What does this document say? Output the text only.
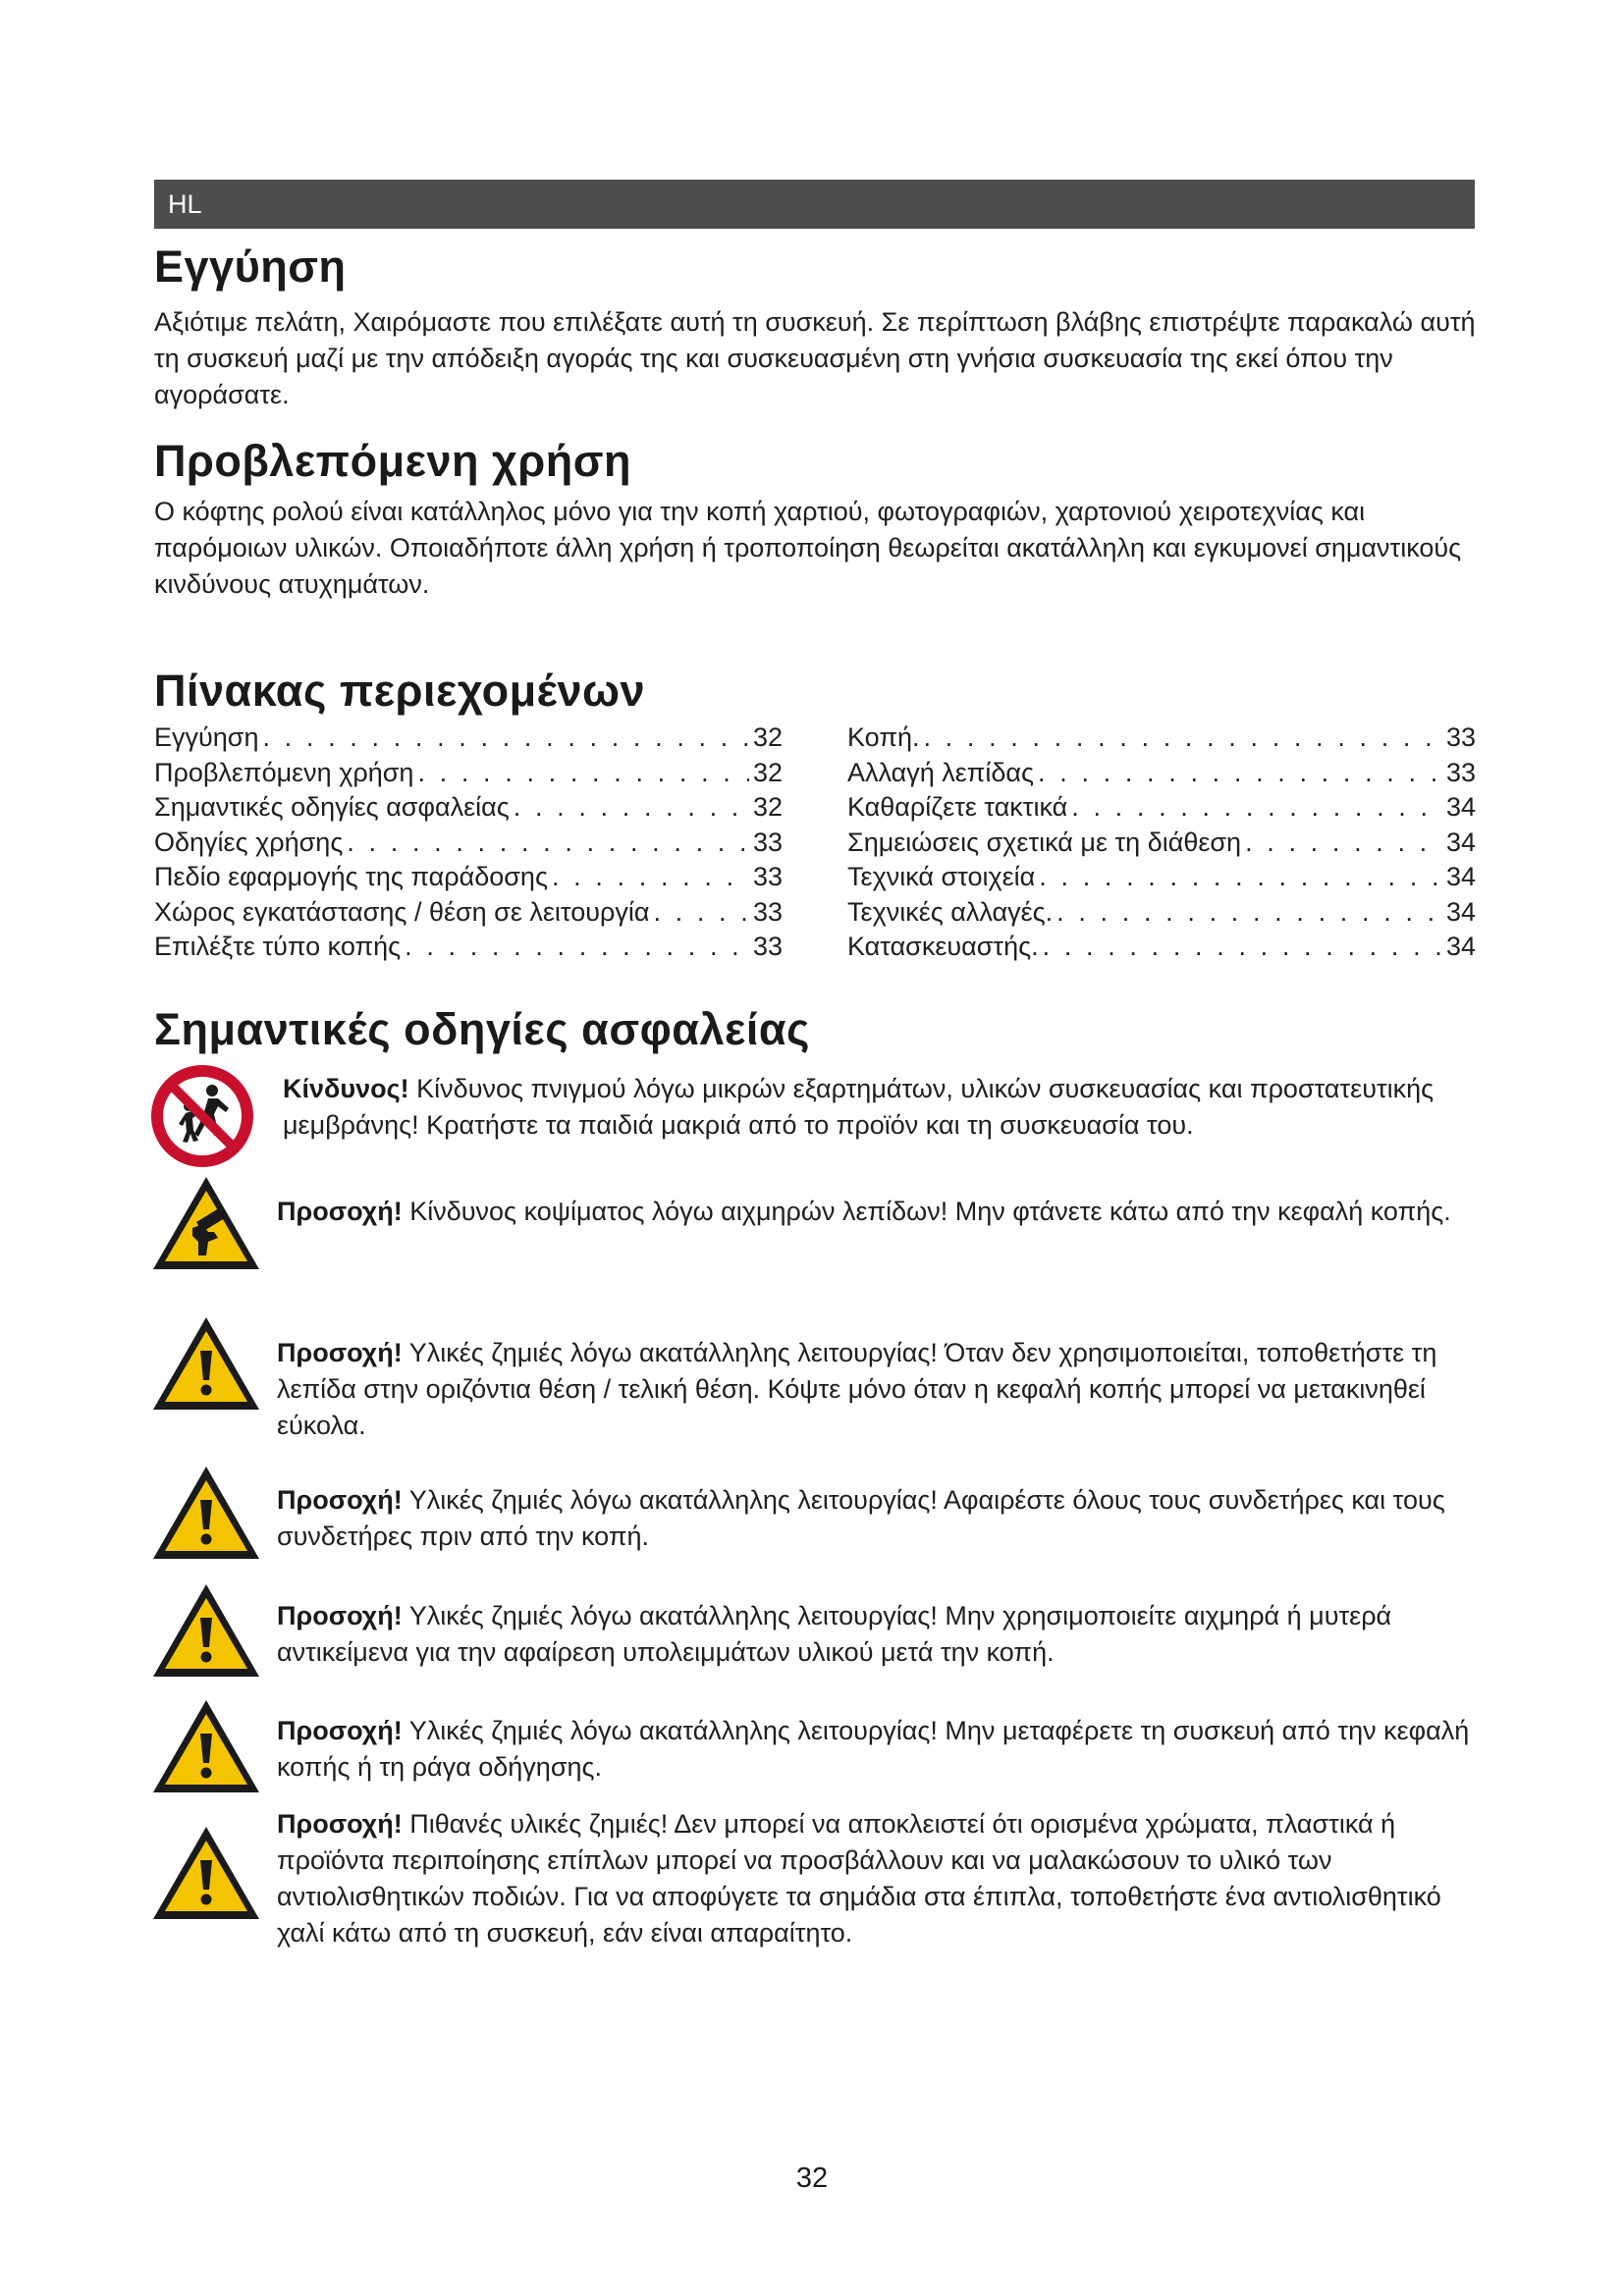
HL
Εγγύηση

Αξιότιμε πελάτη, Χαιρόμαστε που επιλέξατε αυτή τη συσκευή. Σε περίπτωση βλάβης επιστρέψτε παρακαλώ αυτή τη συσκευή μαζί με την απόδειξη αγοράς της και συσκευασμένη στη γνήσια συσκευασία της εκεί όπου την αγοράσατε.

Προβλεπόμενη χρήση

Ο κόφτης ρολού είναι κατάλληλος μόνο για την κοπή χαρτιού, φωτογραφιών, χαρτονιού χειροτεχνίας και παρόμοιων υλικών. Οποιαδήποτε άλλη χρήση ή τροποποίηση θεωρείται ακατάλληλη και εγκυμονεί σημαντικούς κινδύνους ατυχημάτων.

Πίνακας περιεχομένων
Εγγύηση . . .	32
Προβλεπόμενη χρήση . . .	32
Σημαντικές οδηγίες ασφαλείας . . .	32
Οδηγίες χρήσης . . .	33
Πεδίο εφαρμογής της παράδοσης . . .	33
Χώρος εγκατάστασης / θέση σε λειτουργία . . .	33
Επιλέξτε τύπο κοπής . . .	33
Κοπή. . . .	33
Αλλαγή λεπίδας . . .	33
Καθαρίζετε τακτικά . . .	34
Σημειώσεις σχετικά με τη διάθεση . . .	34
Τεχνικά στοιχεία . . .	34
Τεχνικές αλλαγές. . . .	34
Κατασκευαστής. . . .	34
Σημαντικές οδηγίες ασφαλείας

Κίνδυνος! Κίνδυνος πνιγμού λόγω μικρών εξαρτημάτων, υλικών συσκευασίας και προστατευτικής μεμβράνης! Κρατήστε τα παιδιά μακριά από το προϊόν και τη συσκευασία του.

Προσοχή! Κίνδυνος κοψίματος λόγω αιχμηρών λεπίδων! Μην φτάνετε κάτω από την κεφαλή κοπής.

Προσοχή! Υλικές ζημιές λόγω ακατάλληλης λειτουργίας! Όταν δεν χρησιμοποιείται, τοποθετήστε τη λεπίδα στην οριζόντια θέση / τελική θέση. Κόψτε μόνο όταν η κεφαλή κοπής μπορεί να μετακινηθεί εύκολα.

Προσοχή! Υλικές ζημιές λόγω ακατάλληλης λειτουργίας! Αφαιρέστε όλους τους συνδετήρες και τους συνδετήρες πριν από την κοπή.

Προσοχή! Υλικές ζημιές λόγω ακατάλληλης λειτουργίας! Μην χρησιμοποιείτε αιχμηρά ή μυτερά αντικείμενα για την αφαίρεση υπολειμμάτων υλικού μετά την κοπή.

Προσοχή! Υλικές ζημιές λόγω ακατάλληλης λειτουργίας! Μην μεταφέρετε τη συσκευή από την κεφαλή κοπής ή τη ράγα οδήγησης.

Προσοχή! Πιθανές υλικές ζημιές! Δεν μπορεί να αποκλειστεί ότι ορισμένα χρώματα, πλαστικά ή προϊόντα περιποίησης επίπλων μπορεί να προσβάλλουν και να μαλακώσουν το υλικό των αντιολισθητικών ποδιών. Για να αποφύγετε τα σημάδια στα έπιπλα, τοποθετήστε ένα αντιολισθητικό χαλί κάτω από τη συσκευή, εάν είναι απαραίτητο.

32
